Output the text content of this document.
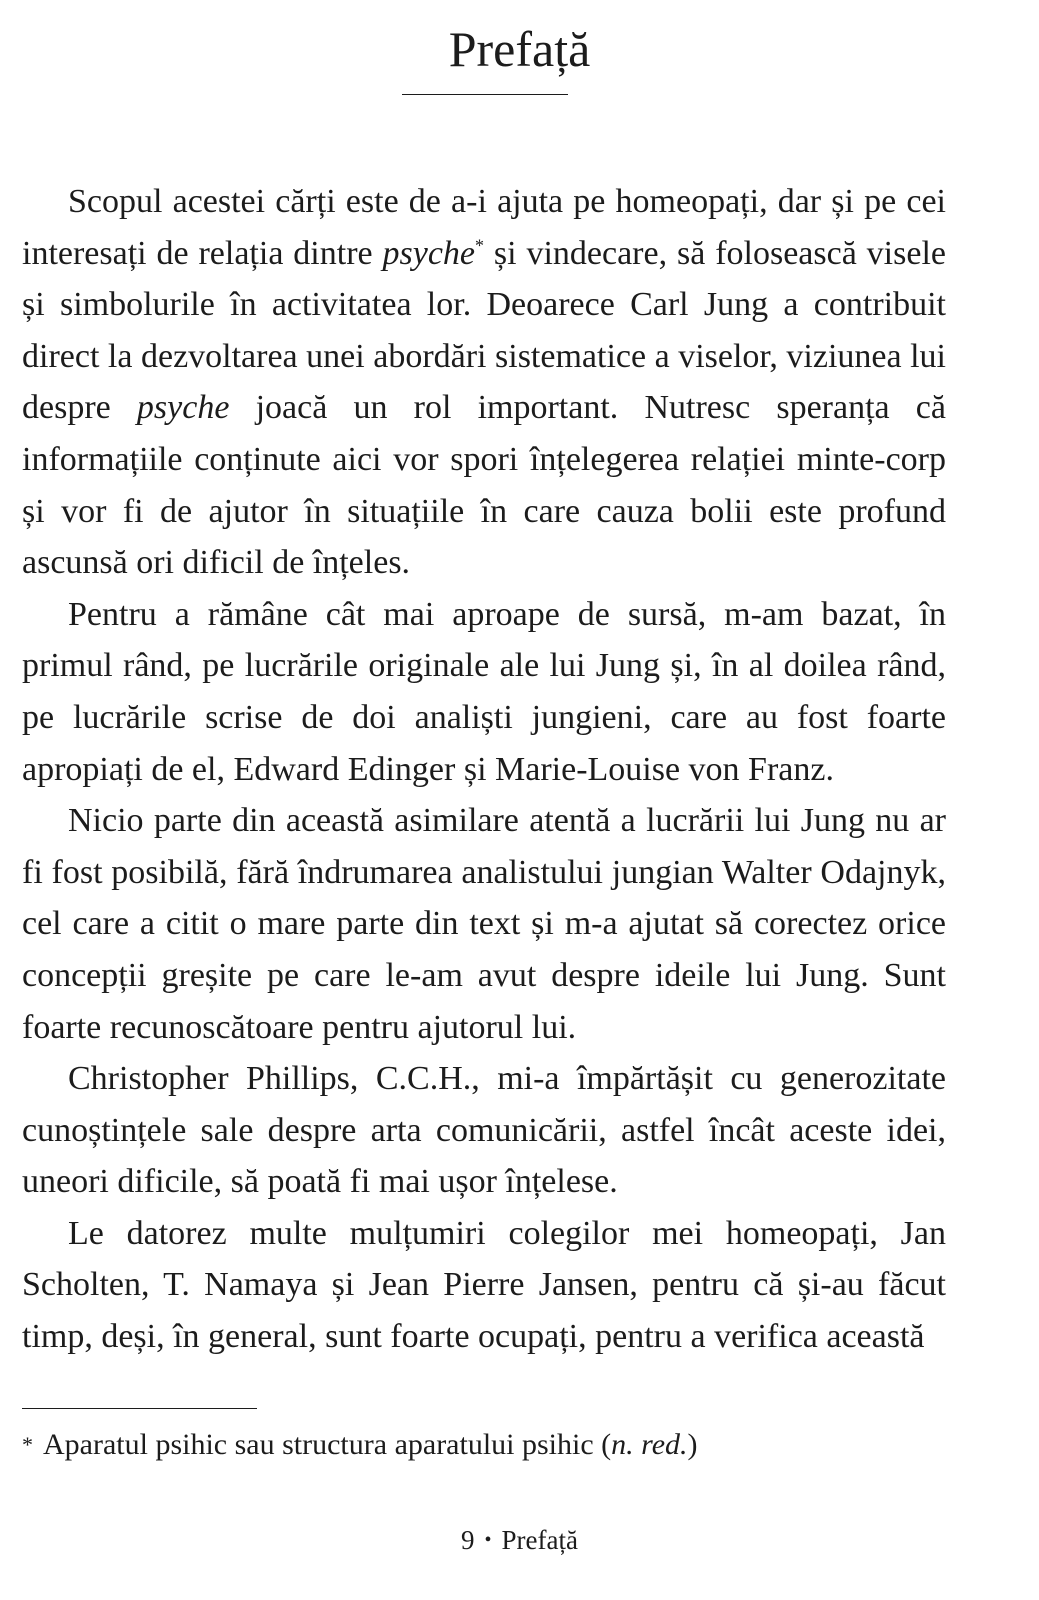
Prefață

Scopul acestei cărți este de a-i ajuta pe homeopați, dar și pe cei interesați de relația dintre psyche* și vindecare, să folosească visele și simbolurile în activitatea lor. Deoarece Carl Jung a contribuit direct la dezvoltarea unei abordări sistematice a viselor, viziunea lui despre psyche joacă un rol important. Nutresc speranța că informațiile conținute aici vor spori înțelegerea relației minte-corp și vor fi de ajutor în situațiile în care cauza bolii este profund ascunsă ori dificil de înțeles.

Pentru a rămâne cât mai aproape de sursă, m-am bazat, în primul rând, pe lucrările originale ale lui Jung și, în al doilea rând, pe lucrările scrise de doi analiști jungieni, care au fost foarte apropiați de el, Edward Edinger și Marie-Louise von Franz.

Nicio parte din această asimilare atentă a lucrării lui Jung nu ar fi fost posibilă, fără îndrumarea analistului jungian Walter Odajnyk, cel care a citit o mare parte din text și m-a ajutat să corectez orice concepții greșite pe care le-am avut despre ideile lui Jung. Sunt foarte recunoscătoare pentru ajutorul lui.

Christopher Phillips, C.C.H., mi-a împărtășit cu generozitate cunoștințele sale despre arta comunicării, astfel încât aceste idei, uneori dificile, să poată fi mai ușor înțelese.

Le datorez multe mulțumiri colegilor mei homeopați, Jan Scholten, T. Namaya și Jean Pierre Jansen, pentru că și-au făcut timp, deși, în general, sunt foarte ocupați, pentru a verifica această

* Aparatul psihic sau structura aparatului psihic (n. red.)
9 • Prefață
